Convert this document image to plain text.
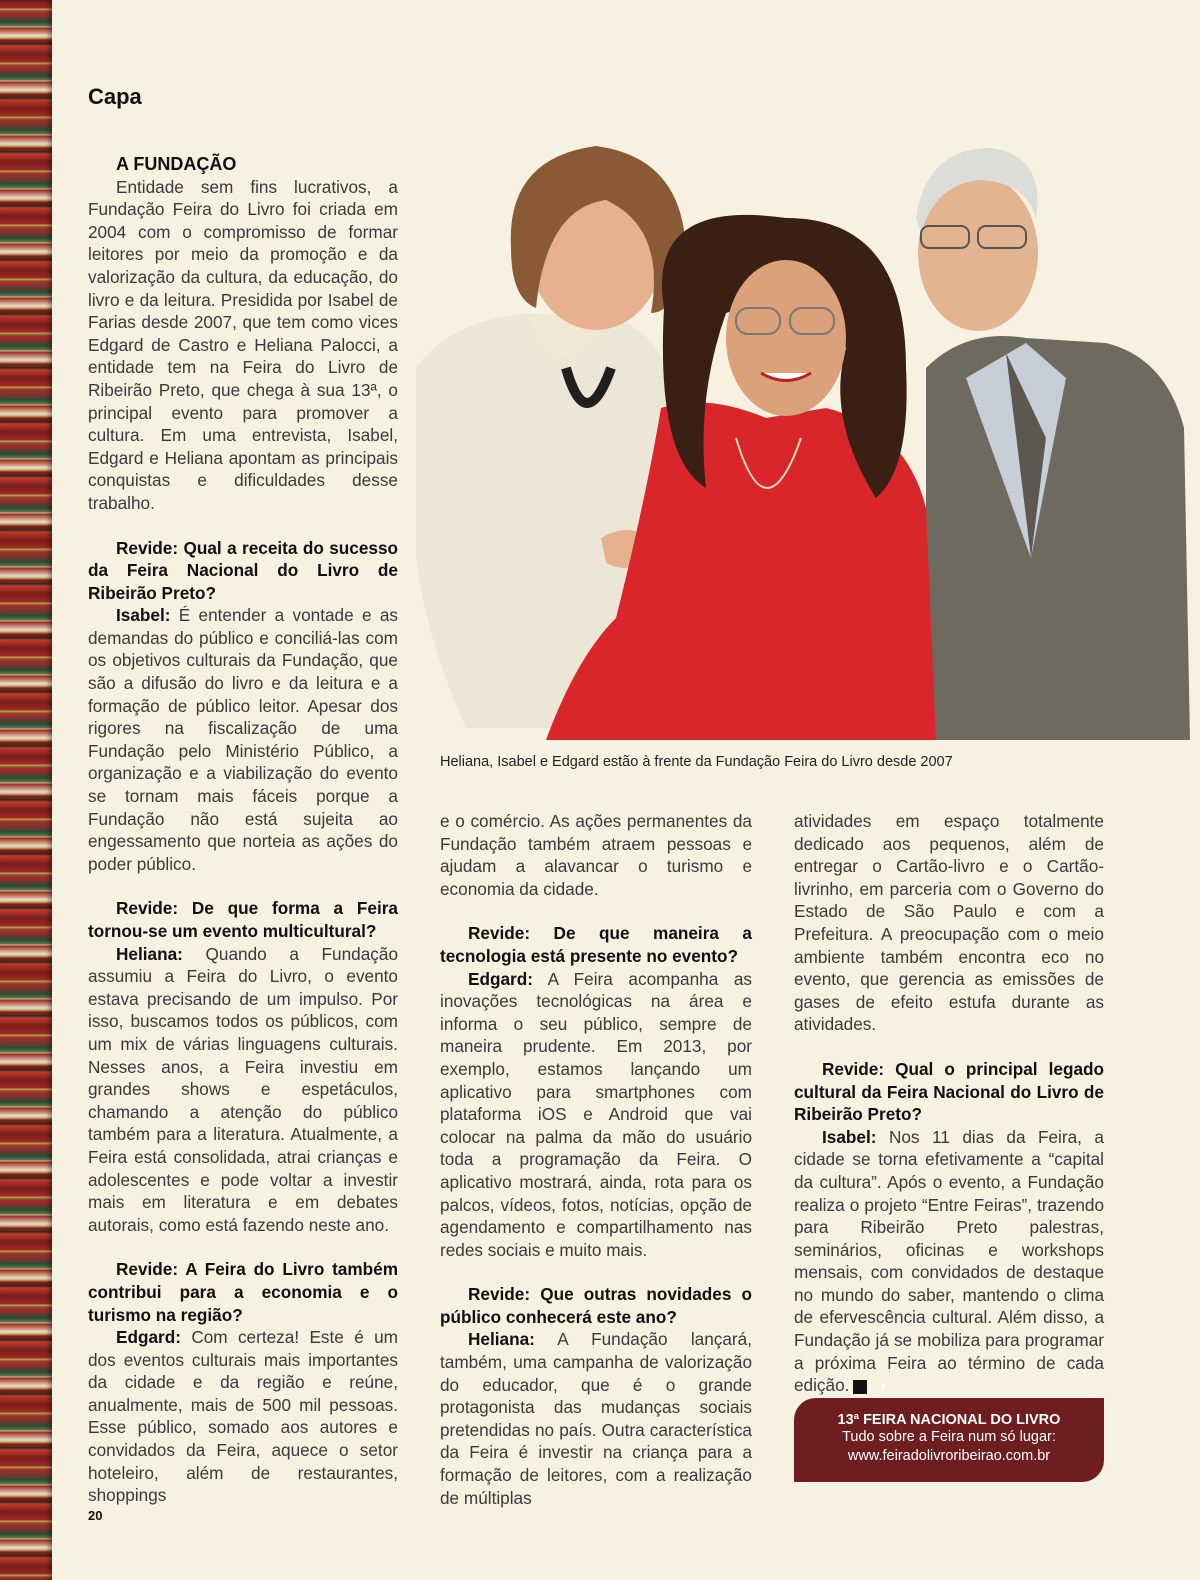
Capa

A FUNDAÇÃO

Entidade sem fins lucrativos, a Fundação Feira do Livro foi criada em 2004 com o compromisso de formar leitores por meio da promoção e da valorização da cultura, da educação, do livro e da leitura. Presidida por Isabel de Farias desde 2007, que tem como vices Edgard de Castro e Heliana Palocci, a entidade tem na Feira do Livro de Ribeirão Preto, que chega à sua 13ª, o principal evento para promover a cultura. Em uma entrevista, Isabel, Edgard e Heliana apontam as principais conquistas e dificuldades desse trabalho.

Revide: Qual a receita do sucesso da Feira Nacional do Livro de Ribeirão Preto?

Isabel: É entender a vontade e as demandas do público e conciliá-las com os objetivos culturais da Fundação, que são a difusão do livro e da leitura e a formação de público leitor. Apesar dos rigores na fiscalização de uma Fundação pelo Ministério Público, a organização e a viabilização do evento se tornam mais fáceis porque a Fundação não está sujeita ao engessamento que norteia as ações do poder público.

Revide: De que forma a Feira tornou-se um evento multicultural?

Heliana: Quando a Fundação assumiu a Feira do Livro, o evento estava precisando de um impulso. Por isso, buscamos todos os públicos, com um mix de várias linguagens culturais. Nesses anos, a Feira investiu em grandes shows e espetáculos, chamando a atenção do público também para a literatura. Atualmente, a Feira está consolidada, atrai crianças e adolescentes e pode voltar a investir mais em literatura e em debates autorais, como está fazendo neste ano.

Revide: A Feira do Livro também contribui para a economia e o turismo na região?

Edgard: Com certeza! Este é um dos eventos culturais mais importantes da cidade e da região e reúne, anualmente, mais de 500 mil pessoas. Esse público, somado aos autores e convidados da Feira, aquece o setor hoteleiro, além de restaurantes, shoppings

Heliana, Isabel e Edgard estão à frente da Fundação Feira do Livro desde 2007

e o comércio. As ações permanentes da Fundação também atraem pessoas e ajudam a alavancar o turismo e economia da cidade.

Revide: De que maneira a tecnologia está presente no evento?

Edgard: A Feira acompanha as inovações tecnológicas na área e informa o seu público, sempre de maneira prudente. Em 2013, por exemplo, estamos lançando um aplicativo para smartphones com plataforma iOS e Android que vai colocar na palma da mão do usuário toda a programação da Feira. O aplicativo mostrará, ainda, rota para os palcos, vídeos, fotos, notícias, opção de agendamento e compartilhamento nas redes sociais e muito mais.

Revide: Que outras novidades o público conhecerá este ano?

Heliana: A Fundação lançará, também, uma campanha de valorização do educador, que é o grande protagonista das mudanças sociais pretendidas no país. Outra característica da Feira é investir na criança para a formação de leitores, com a realização de múltiplas

atividades em espaço totalmente dedicado aos pequenos, além de entregar o Cartão-livro e o Cartão-livrinho, em parceria com o Governo do Estado de São Paulo e com a Prefeitura. A preocupação com o meio ambiente também encontra eco no evento, que gerencia as emissões de gases de efeito estufa durante as atividades.

Revide: Qual o principal legado cultural da Feira Nacional do Livro de Ribeirão Preto?

Isabel: Nos 11 dias da Feira, a cidade se torna efetivamente a “capital da cultura”. Após o evento, a Fundação realiza o projeto “Entre Feiras”, trazendo para Ribeirão Preto palestras, seminários, oficinas e workshops mensais, com convidados de destaque no mundo do saber, mantendo o clima de efervescência cultural. Além disso, a Fundação já se mobiliza para programar a próxima Feira ao término de cada edição.	r

13ª FEIRA NACIONAL DO LIVRO
Tudo sobre a Feira num só lugar:
www.feiradolivroribeirao.com.br
20
